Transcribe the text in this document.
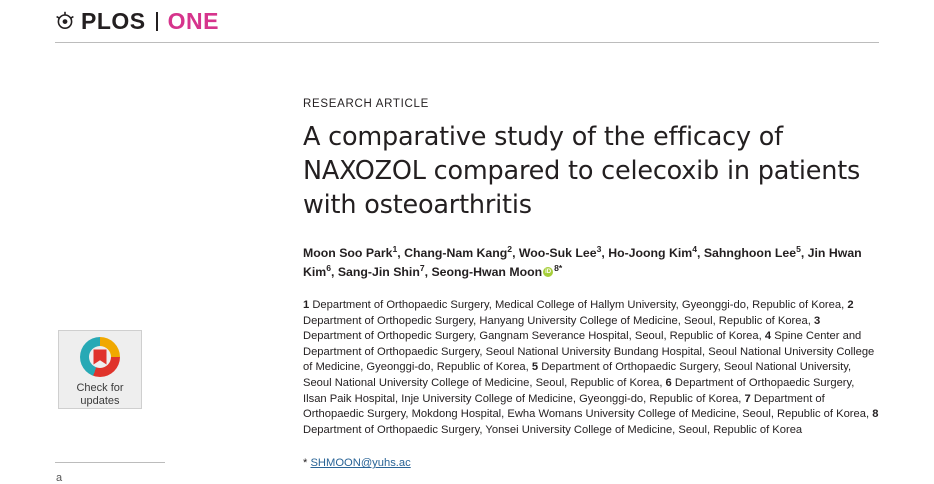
PLOS ONE
Check for
updates
a
RESEARCH ARTICLE
A comparative study of the efficacy of NAXOZOL compared to celecoxib in patients with osteoarthritis
Moon Soo Park$^1$, Chang-Nam Kang$^2$, Woo-Suk Lee$^3$, Ho-Joong Kim$^4$, Sahnghoon Lee$^5$, Jin Hwan Kim$^6$, Sang-Jin Shin$^7$, Seong-Hwan Moon iD $^{8*}$
1 Department of Orthopaedic Surgery, Medical College of Hallym University, Gyeonggi-do, Republic of Korea, 2 Department of Orthopedic Surgery, Hanyang University College of Medicine, Seoul, Republic of Korea, 3 Department of Orthopedic Surgery, Gangnam Severance Hospital, Seoul, Republic of Korea, 4 Spine Center and Department of Orthopaedic Surgery, Seoul National University Bundang Hospital, Seoul National University College of Medicine, Gyeonggi-do, Republic of Korea, 5 Department of Orthopaedic Surgery, Seoul National University, Seoul National University College of Medicine, Seoul, Republic of Korea, 6 Department of Orthopaedic Surgery, Ilsan Paik Hospital, Inje University College of Medicine, Gyeonggi-do, Republic of Korea, 7 Department of Orthopaedic Surgery, Mokdong Hospital, Ewha Womans University College of Medicine, Seoul, Republic of Korea, 8 Department of Orthopaedic Surgery, Yonsei University College of Medicine, Seoul, Republic of Korea
* SHMOON@yuhs.ac
